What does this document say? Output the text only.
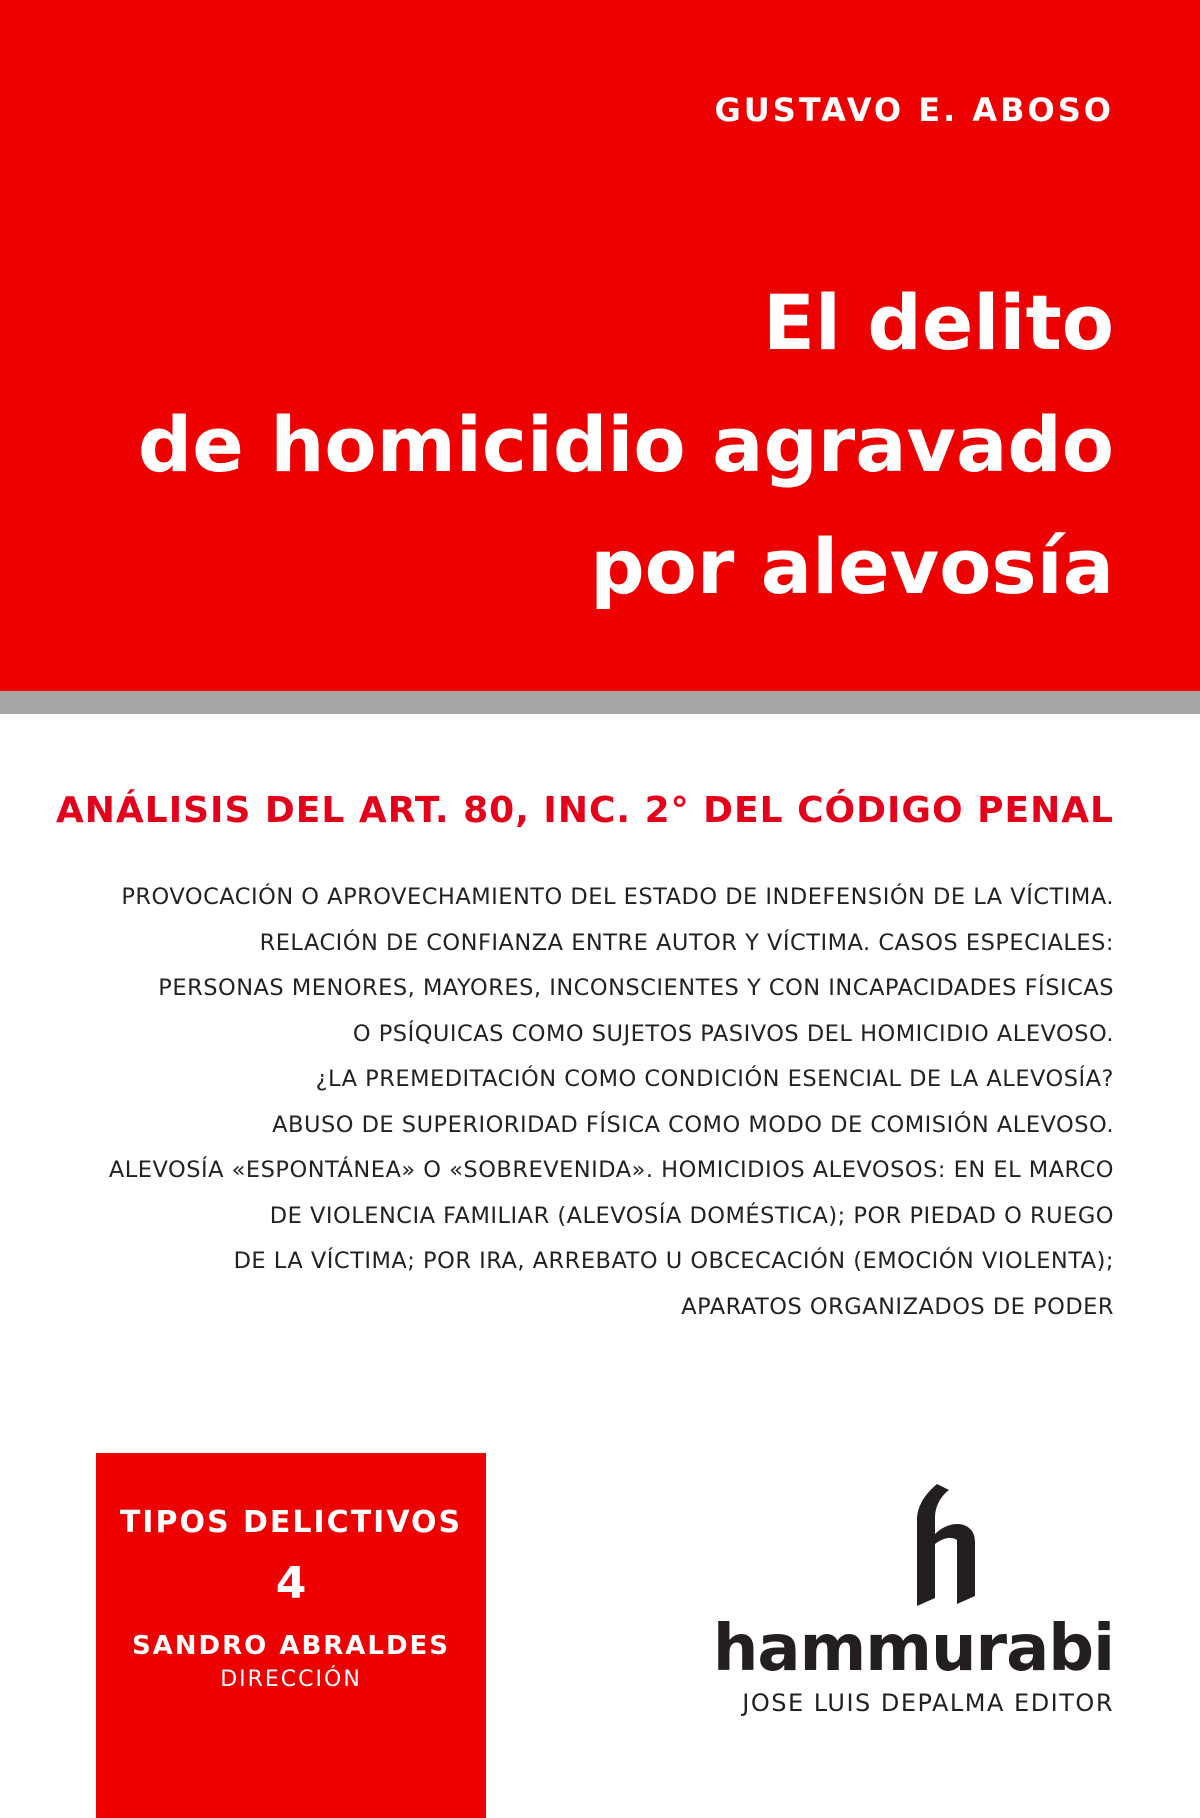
GUSTAVO E. ABOSO
El delito
de homicidio agravado
por alevosía
ANÁLISIS DEL ART. 80, INC. 2° DEL CÓDIGO PENAL
PROVOCACIÓN O APROVECHAMIENTO DEL ESTADO DE INDEFENSIÓN DE LA VÍCTIMA.
RELACIÓN DE CONFIANZA ENTRE AUTOR Y VÍCTIMA. CASOS ESPECIALES:
PERSONAS MENORES, MAYORES, INCONSCIENTES Y CON INCAPACIDADES FÍSICAS
O PSÍQUICAS COMO SUJETOS PASIVOS DEL HOMICIDIO ALEVOSO.
¿LA PREMEDITACIÓN COMO CONDICIÓN ESENCIAL DE LA ALEVOSÍA?
ABUSO DE SUPERIORIDAD FÍSICA COMO MODO DE COMISIÓN ALEVOSO.
ALEVOSÍA «ESPONTÁNEA» O «SOBREVENIDA». HOMICIDIOS ALEVOSOS: EN EL MARCO
DE VIOLENCIA FAMILIAR (ALEVOSÍA DOMÉSTICA); POR PIEDAD O RUEGO
DE LA VÍCTIMA; POR IRA, ARREBATO U OBCECACIÓN (EMOCIÓN VIOLENTA);
APARATOS ORGANIZADOS DE PODER
TIPOS DELICTIVOS
4
SANDRO ABRALDES
DIRECCIÓN	hammurabi
JOSE LUIS DEPALMA EDITOR
